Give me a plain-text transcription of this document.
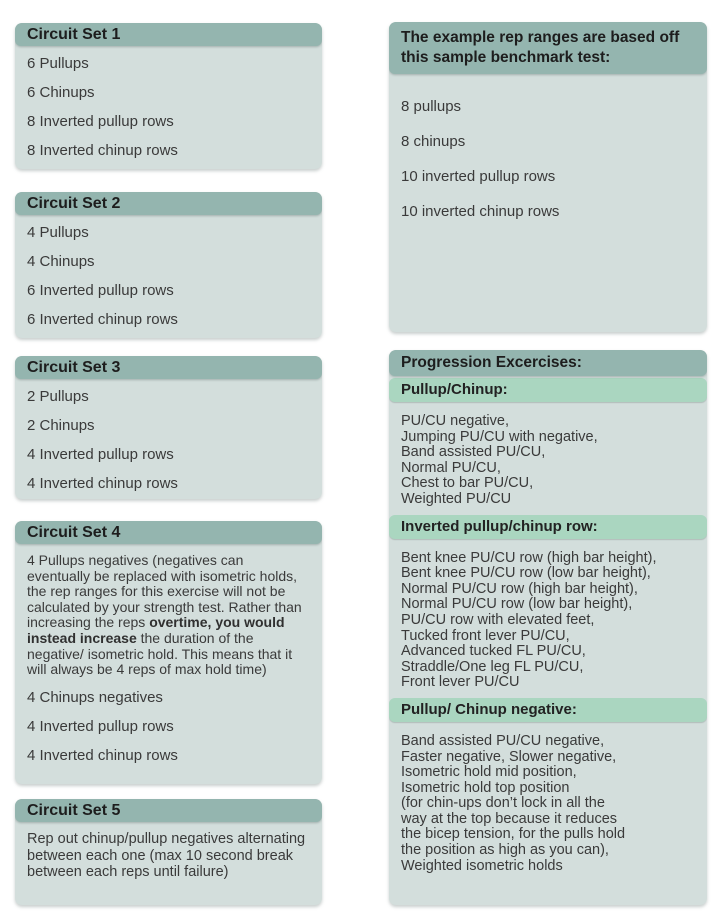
Circuit Set 1

6 Pullups

6 Chinups

8 Inverted pullup rows

8 Inverted chinup rows

Circuit Set 2

4 Pullups

4 Chinups

6 Inverted pullup rows

6 Inverted chinup rows

Circuit Set 3

2 Pullups

2 Chinups

4 Inverted pullup rows

4 Inverted chinup rows

Circuit Set 4

4 Pullups negatives (negatives can eventually be replaced with isometric holds, the rep ranges for this exercise will not be calculated by your strength test. Rather than increasing the reps overtime, you would instead increase the duration of the negative/ isometric hold. This means that it will always be 4 reps of max hold time)

4 Chinups negatives

4 Inverted pullup rows

4 Inverted chinup rows

Circuit Set 5

Rep out chinup/pullup negatives alternating between each one (max 10 second break between each reps until failure)

The example rep ranges are based off this sample benchmark test:

8 pullups

8 chinups

10 inverted pullup rows

10 inverted chinup rows

Progression Excercises:
Pullup/Chinup:

PU/CU negative,

Jumping PU/CU with negative,

Band assisted PU/CU,

Normal PU/CU,

Chest to bar PU/CU,

Weighted PU/CU

Inverted pullup/chinup row:

Bent knee PU/CU row (high bar height),

Bent knee PU/CU row (low bar height),

Normal PU/CU row (high bar height),

Normal PU/CU row (low bar height),

PU/CU row with elevated feet,

Tucked front lever PU/CU,

Advanced tucked FL PU/CU,

Straddle/One leg FL PU/CU,

Front lever PU/CU

Pullup/ Chinup negative:

Band assisted PU/CU negative,

Faster negative, Slower negative,

Isometric hold mid position,

Isometric hold top position

(for chin-ups don’t lock in all the

way at the top because it reduces

the bicep tension, for the pulls hold

the position as high as you can),

Weighted isometric holds
